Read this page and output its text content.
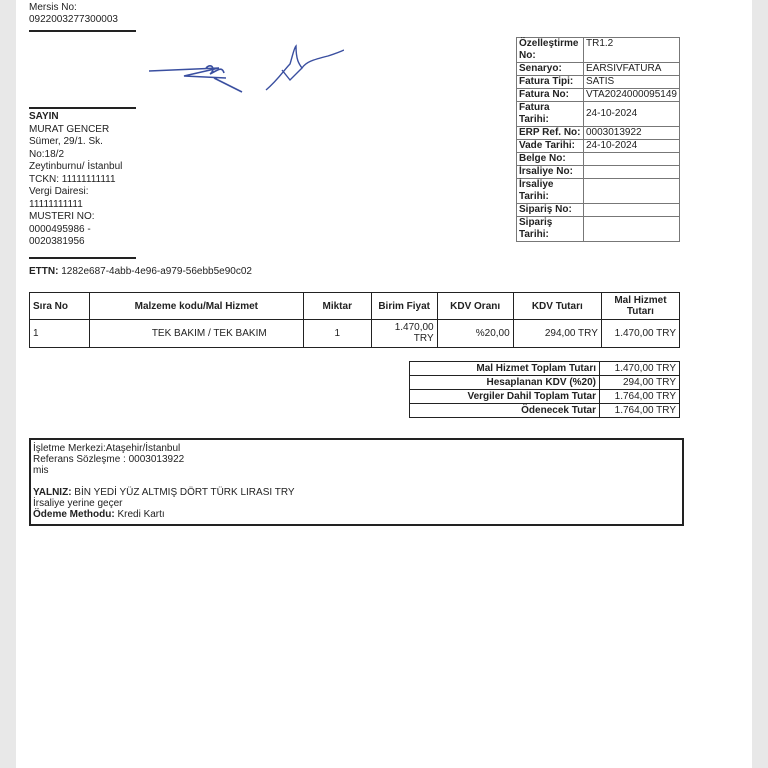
Mersis No:
0922003277300003
SAYIN
MURAT GENCER
Sümer, 29/1. Sk.
No:18/2
Zeytinburnu/ İstanbul
TCKN: 11111111111
Vergi Dairesi:
11111111111
MUSTERI NO:
0000495986 -
0020381956
ETTN: 1282e687-4abb-4e96-a979-56ebb5e90c02
Özelleştirme No:	TR1.2
Senaryo:	EARSIVFATURA
Fatura Tipi:	SATIS
Fatura No:	VTA2024000095149
Fatura Tarihi:	24-10-2024
ERP Ref. No:	0003013922
Vade Tarihi:	24-10-2024
Belge No:	
İrsaliye No:	
İrsaliye Tarihi:	
Sipariş No:	
Sipariş Tarihi:	
Sıra No	Malzeme kodu/Mal Hizmet	Miktar	Birim Fiyat	KDV Oranı	KDV Tutarı	Mal Hizmet Tutarı
1	TEK BAKIM / TEK BAKIM	1	1.470,00 TRY	%20,00	294,00 TRY	1.470,00 TRY
Mal Hizmet Toplam Tutarı	1.470,00 TRY
Hesaplanan KDV (%20)	294,00 TRY
Vergiler Dahil Toplam Tutar	1.764,00 TRY
Ödenecek Tutar	1.764,00 TRY
İşletme Merkezi:Ataşehir/İstanbul
Referans Sözleşme : 0003013922
mis
YALNIZ: BİN YEDİ YÜZ ALTMIŞ DÖRT TÜRK LIRASI TRY
İrsaliye yerine geçer
Ödeme Methodu: Kredi Kartı
